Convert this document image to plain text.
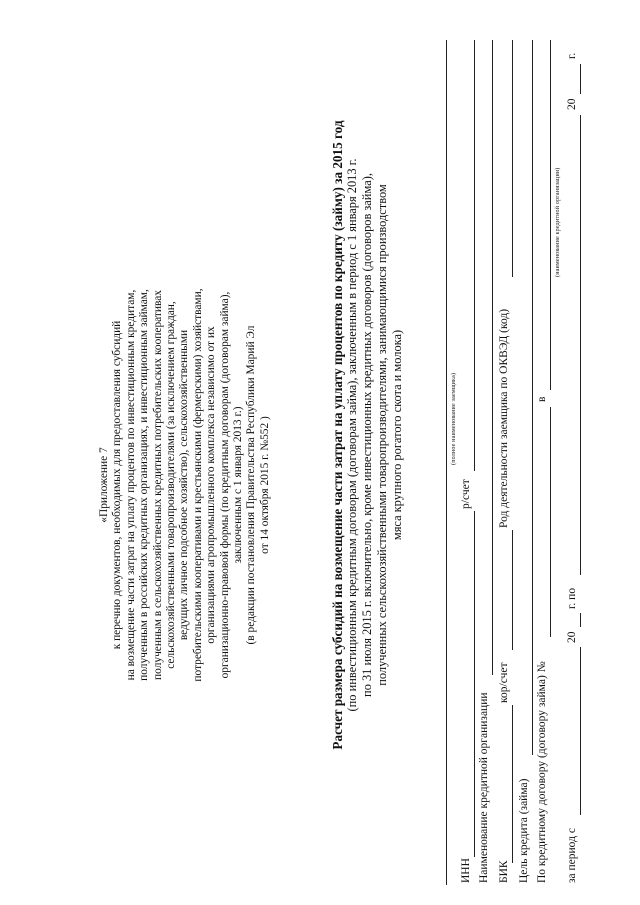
«Приложение 7 к перечню документов, необходимых для предоставления субсидий на возмещение части затрат на уплату процентов по инвестиционным кредитам, полученным в российских кредитных организациях, и инвестиционным займам, полученным в сельскохозяйственных кредитных потребительских кооперативах сельскохозяйственными товаропроизводителями (за исключением граждан, ведущих личное подсобное хозяйство), сельскохозяйственными потребительскими кооперативами и крестьянскими (фермерскими) хозяйствами, организациями агропромышленного комплекса независимо от их организационно-правовой формы (по кредитным договорам (договорам займа), заключенным с 1 января 2013 г.) (в редакции постановления Правительства Республики Марий Эл от 14 октября 2015 г. №552 )	Расчет размера субсидий на возмещение части затрат на уплату процентов по кредиту (займу) за 2015 год (по инвестиционным кредитным договорам (договорам займа), заключенным в период с 1 января 2013 г. по 31 июля 2015 г. включительно, кроме инвестиционных кредитных договоров (договоров займа), полученных сельскохозяйственными товаропроизводителями, занимающимися производством мяса крупного рогатого скота и молока)	(полное наименование заемщика)
ИНН
р/счет
Наименование кредитной организации БИК
кор/счет
Род деятельности заемщика по ОКВЭД (код)
Цель кредита (займа) По кредитному договору (договору займа) №
в
(наименование кредитной организации)
за период с
20
г. по
20
г.
